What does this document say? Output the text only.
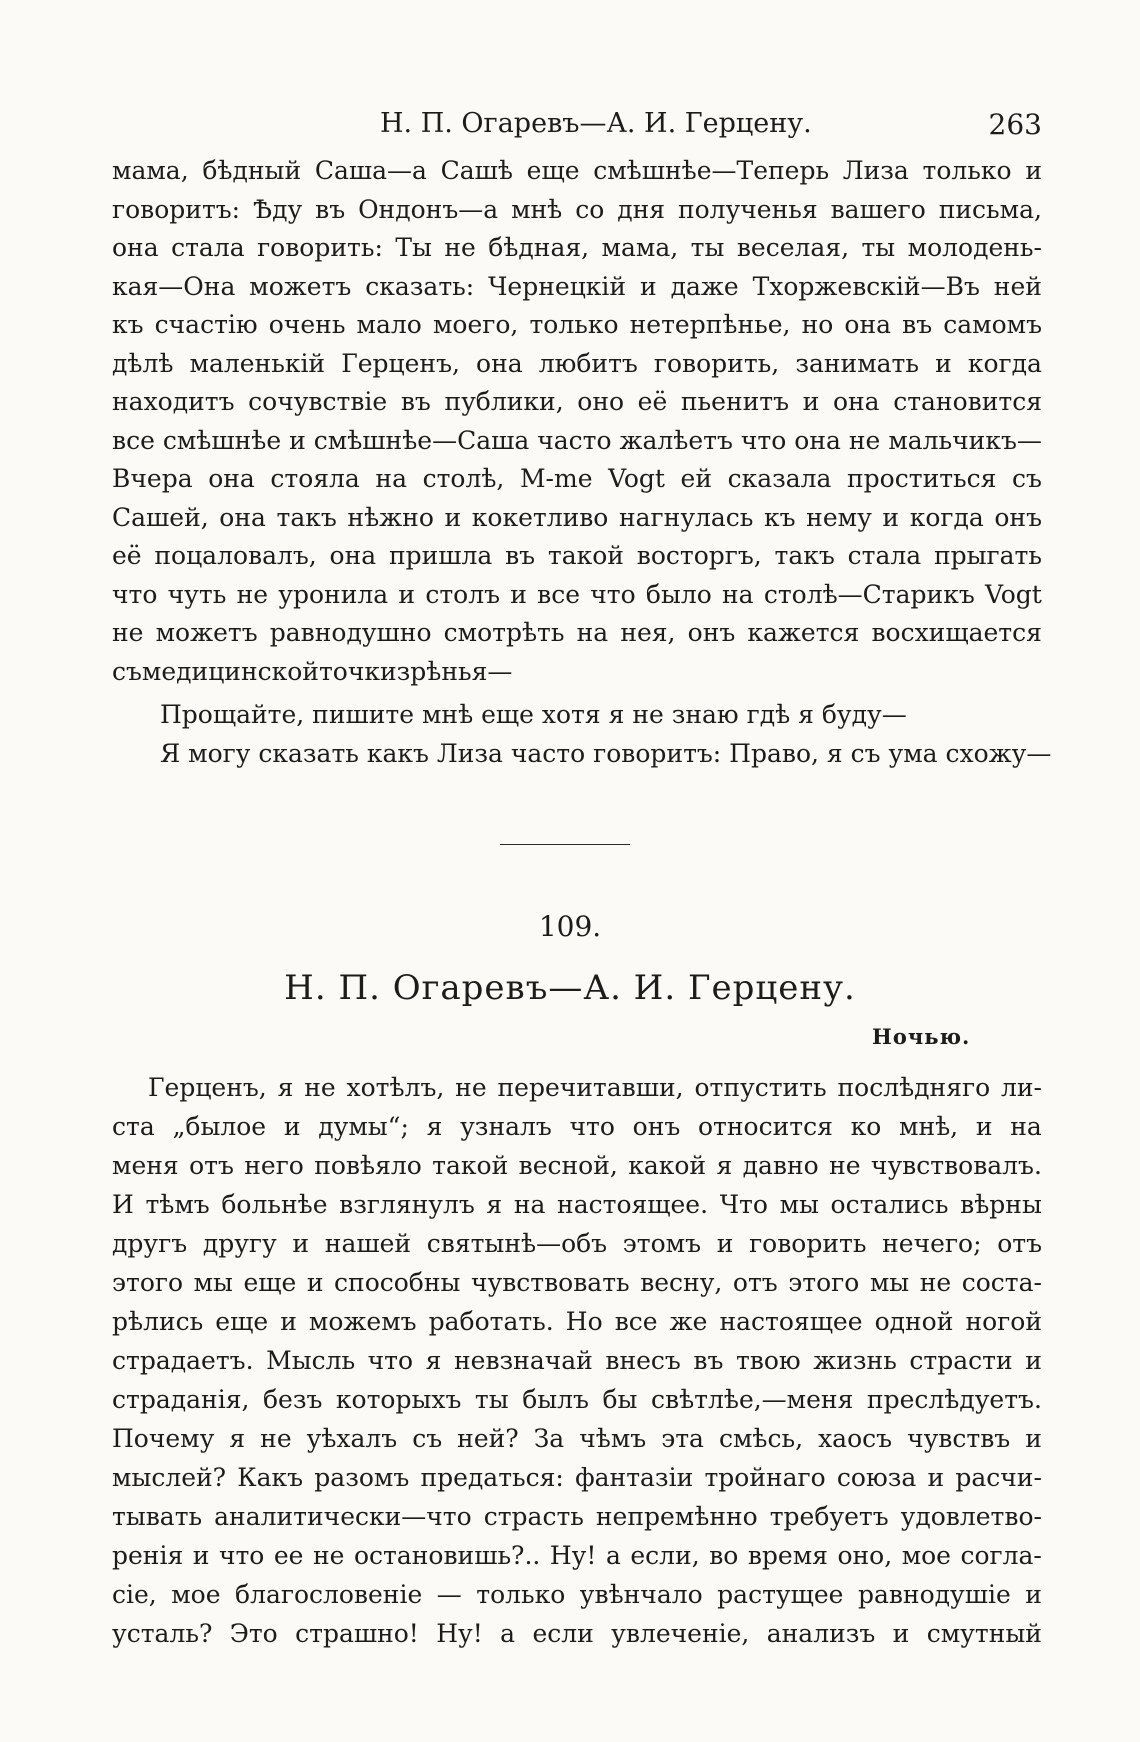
Н. П. Огаревъ—А. И. Герцену.	263
мама, бѣдный Саша—а Сашѣ еще смѣшнѣе—Теперь Лиза только и
говоритъ: Ѣду въ Ондонъ—а мнѣ со дня полученья вашего письма,
она стала говорить: Ты не бѣдная, мама, ты веселая, ты молодень-
кая—Она можетъ сказать: Чернецкій и даже Тхоржевскій—Въ ней
къ счастію очень мало моего, только нетерпѣнье, но она въ самомъ
дѣлѣ маленькій Герценъ, она любитъ говорить, занимать и когда
находитъ сочувствіе въ публики, оно её пьенитъ и она становится
все смѣшнѣе и смѣшнѣе—Саша часто жалѣетъ что она не мальчикъ—
Вчера она стояла на столѣ, M-me Vogt ей сказала проститься съ
Сашей, она такъ нѣжно и кокетливо нагнулась къ нему и когда онъ
её поцаловалъ, она пришла въ такой восторгъ, такъ стала прыгать
что чуть не уронила и столъ и все что было на столѣ—Старикъ Vogt
не можетъ равнодушно смотрѣть на нея, онъ кажется восхищается
съ медицинской точки зрѣнья—
Прощайте, пишите мнѣ еще хотя я не знаю гдѣ я буду—
Я могу сказать какъ Лиза часто говоритъ: Право, я съ ума схожу—
109.
Н. П. Огаревъ—А. И. Герцену.
Ночью.
Герценъ, я не хотѣлъ, не перечитавши, отпустить послѣдняго ли-
ста „былое и думы“; я узналъ что онъ относится ко мнѣ, и на
меня отъ него повѣяло такой весной, какой я давно не чувствовалъ.
И тѣмъ больнѣе взглянулъ я на настоящее. Что мы остались вѣрны
другъ другу и нашей святынѣ—объ этомъ и говорить нечего; отъ
этого мы еще и способны чувствовать весну, отъ этого мы не соста-
рѣлись еще и можемъ работать. Но все же настоящее одной ногой
страдаетъ. Мысль что я невзначай внесъ въ твою жизнь страсти и
страданія, безъ которыхъ ты былъ бы свѣтлѣе,—меня преслѣдуетъ.
Почему я не уѣхалъ съ ней? За чѣмъ эта смѣсь, хаосъ чувствъ и
мыслей? Какъ разомъ предаться: фантазіи тройнаго союза и расчи-
тывать аналитически—что страсть непремѣнно требуетъ удовлетво-
ренія и что ее не остановишь?.. Ну! а если, во время оно, мое согла-
сіе, мое благословеніе — только увѣнчало растущее равнодушіе и
усталь? Это страшно! Ну! а если увлеченіе, анализъ и смутный
